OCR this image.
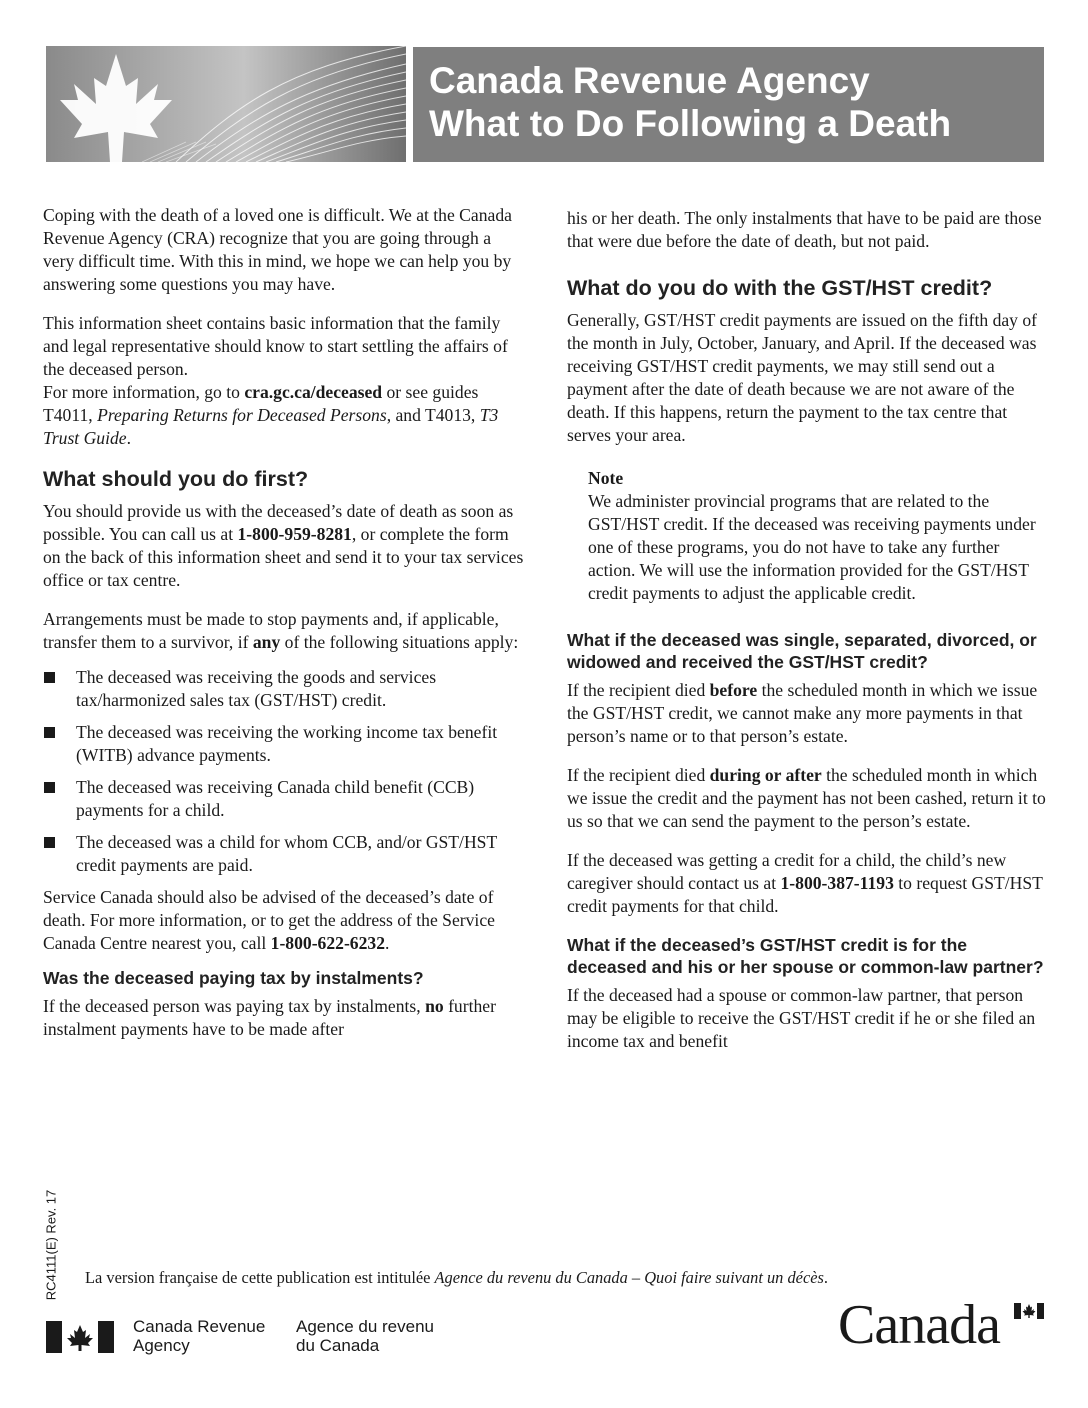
Canada Revenue Agency
What to Do Following a Death

Coping with the death of a loved one is difficult. We at the Canada Revenue Agency (CRA) recognize that you are going through a very difficult time. With this in mind, we hope we can help you by answering some questions you may have.

This information sheet contains basic information that the family and legal representative should know to start settling the affairs of the deceased person.

For more information, go to cra.gc.ca/deceased or see guides T4011, Preparing Returns for Deceased Persons, and T4013, T3 Trust Guide.

What should you do first?

You should provide us with the deceased’s date of death as soon as possible. You can call us at 1-800-959-8281, or complete the form on the back of this information sheet and send it to your tax services office or tax centre.

Arrangements must be made to stop payments and, if applicable, transfer them to a survivor, if any of the following situations apply:

The deceased was receiving the goods and services tax/harmonized sales tax (GST/HST) credit.
The deceased was receiving the working income tax benefit (WITB) advance payments.
The deceased was receiving Canada child benefit (CCB) payments for a child.
The deceased was a child for whom CCB, and/or GST/HST credit payments are paid.

Service Canada should also be advised of the deceased’s date of death. For more information, or to get the address of the Service Canada Centre nearest you, call 1-800-622-6232.

Was the deceased paying tax by instalments?

If the deceased person was paying tax by instalments, no further instalment payments have to be made after

his or her death. The only instalments that have to be paid are those that were due before the date of death, but not paid.

What do you do with the GST/HST credit?

Generally, GST/HST credit payments are issued on the fifth day of the month in July, October, January, and April. If the deceased was receiving GST/HST credit payments, we may still send out a payment after the date of death because we are not aware of the death. If this happens, return the payment to the tax centre that serves your area.

Note
We administer provincial programs that are related to the GST/HST credit. If the deceased was receiving payments under one of these programs, you do not have to take any further action. We will use the information provided for the GST/HST credit payments to adjust the applicable credit.
What if the deceased was single, separated, divorced, or widowed and received the GST/HST credit?

If the recipient died before the scheduled month in which we issue the GST/HST credit, we cannot make any more payments in that person’s name or to that person’s estate.

If the recipient died during or after the scheduled month in which we issue the credit and the payment has not been cashed, return it to us so that we can send the payment to the person’s estate.

If the deceased was getting a credit for a child, the child’s new caregiver should contact us at 1-800-387-1193 to request GST/HST credit payments for that child.

What if the deceased’s GST/HST credit is for the deceased and his or her spouse or common-law partner?

If the deceased had a spouse or common-law partner, that person may be eligible to receive the GST/HST credit if he or she filed an income tax and benefit

RC4111(E) Rev. 17 La version française de cette publication est intitulée Agence du revenu du Canada – Quoi faire suivant un décès.
Canada Revenue
Agency
Agence du revenu
du Canada	Canada
